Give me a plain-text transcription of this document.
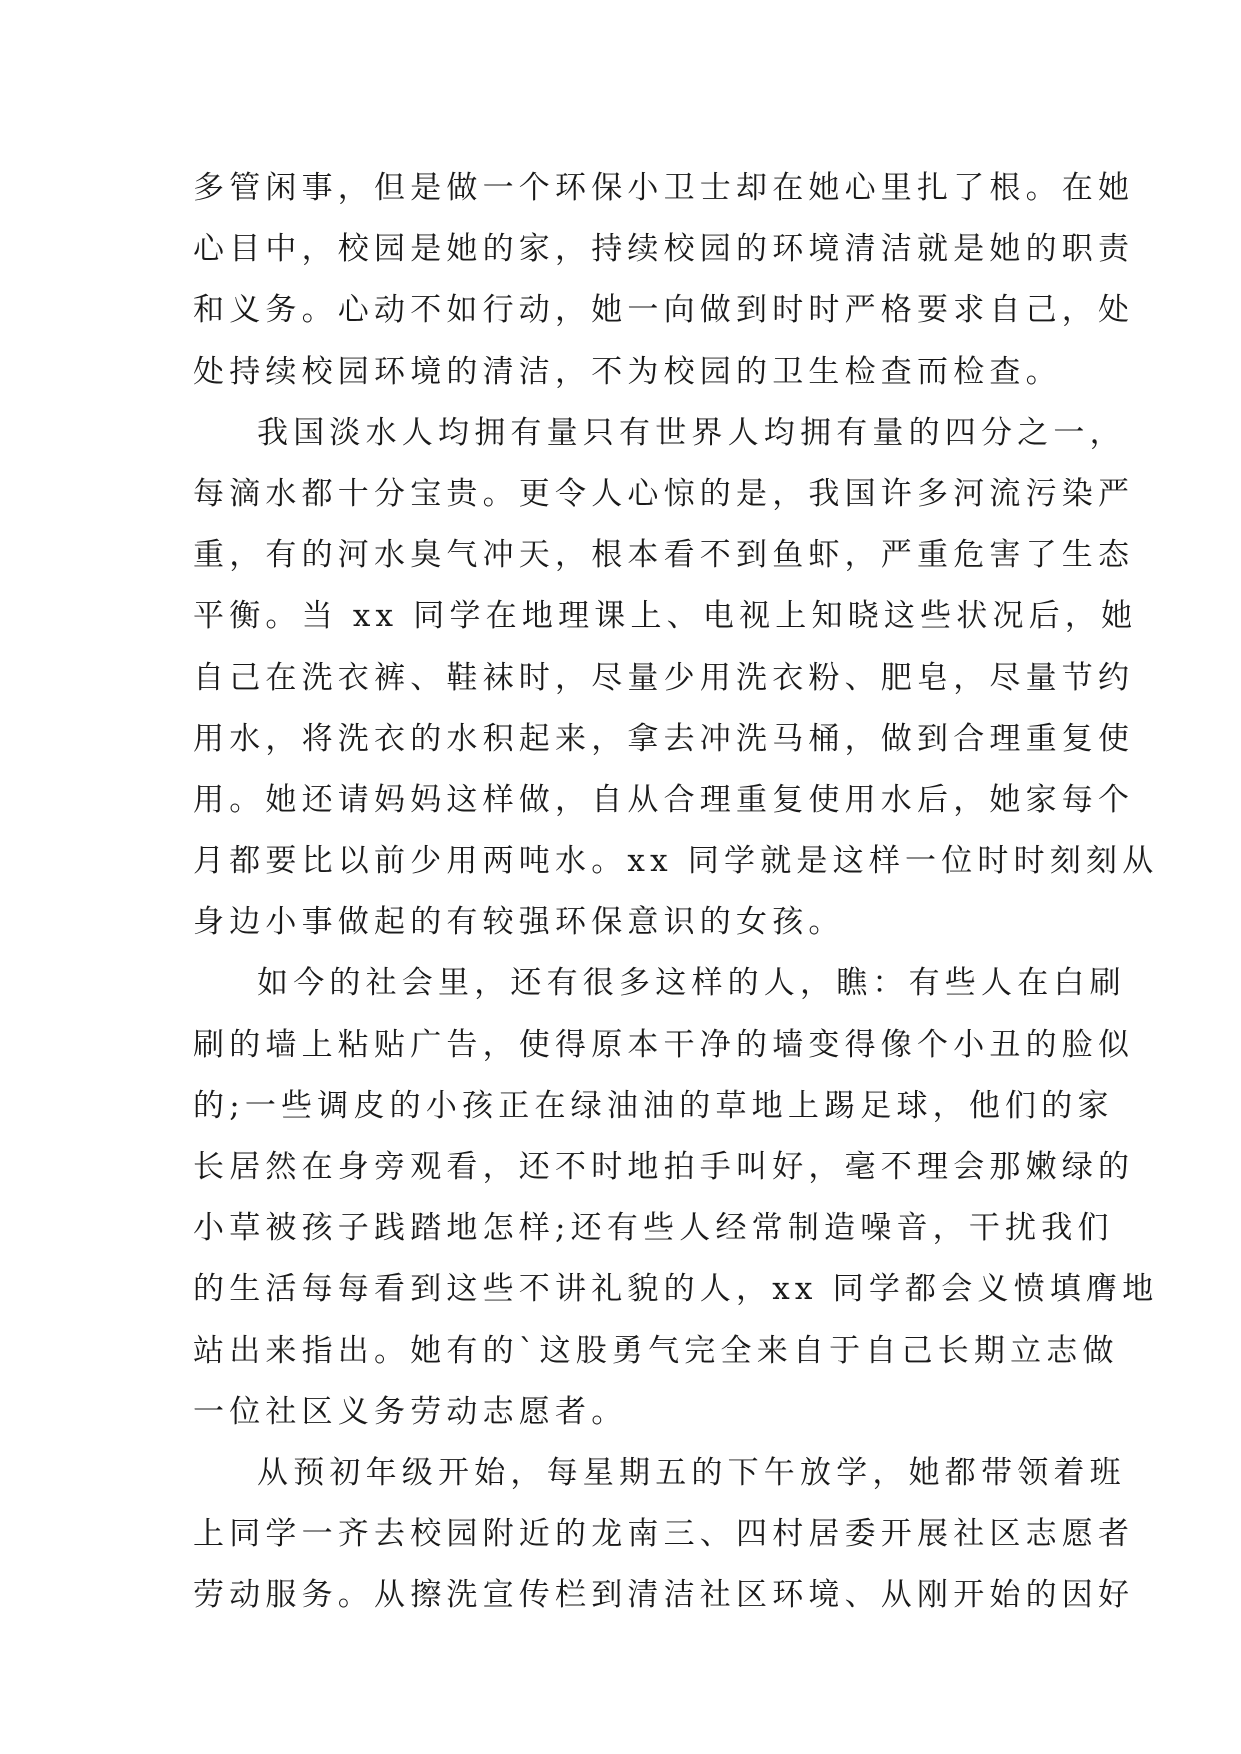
多管闲事，但是做一个环保小卫士却在她心里扎了根。在她
心目中，校园是她的家，持续校园的环境清洁就是她的职责
和义务。心动不如行动，她一向做到时时严格要求自己，处
处持续校园环境的清洁，不为校园的卫生检查而检查。
我国淡水人均拥有量只有世界人均拥有量的四分之一，
每滴水都十分宝贵。更令人心惊的是，我国许多河流污染严
重，有的河水臭气冲天，根本看不到鱼虾，严重危害了生态
平衡。当 xx 同学在地理课上、电视上知晓这些状况后，她
自己在洗衣裤、鞋袜时，尽量少用洗衣粉、肥皂，尽量节约
用水，将洗衣的水积起来，拿去冲洗马桶，做到合理重复使
用。她还请妈妈这样做，自从合理重复使用水后，她家每个
月都要比以前少用两吨水。xx 同学就是这样一位时时刻刻从
身边小事做起的有较强环保意识的女孩。
如今的社会里，还有很多这样的人，瞧：有些人在白刷
刷的墙上粘贴广告，使得原本干净的墙变得像个小丑的脸似
的;一些调皮的小孩正在绿油油的草地上踢足球，他们的家
长居然在身旁观看，还不时地拍手叫好，毫不理会那嫩绿的
小草被孩子践踏地怎样;还有些人经常制造噪音，干扰我们
的生活每每看到这些不讲礼貌的人，xx 同学都会义愤填膺地
站出来指出。她有的`这股勇气完全来自于自己长期立志做
一位社区义务劳动志愿者。
从预初年级开始，每星期五的下午放学，她都带领着班
上同学一齐去校园附近的龙南三、四村居委开展社区志愿者
劳动服务。从擦洗宣传栏到清洁社区环境、从刚开始的因好
